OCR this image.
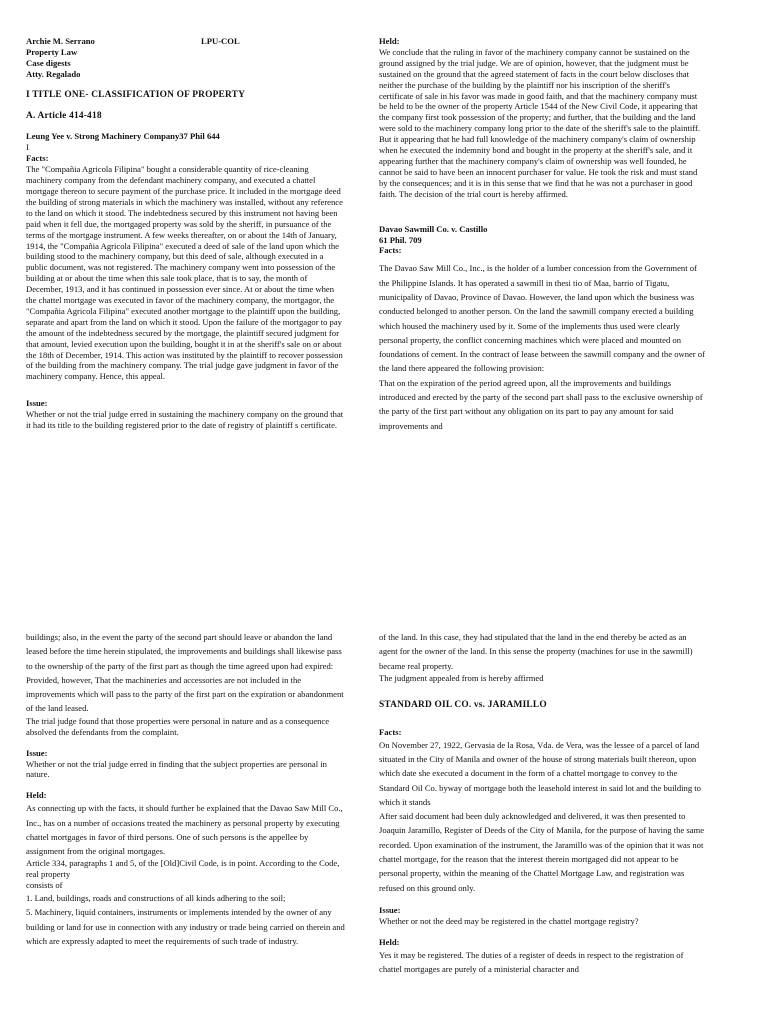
Archie M. Serrano	LPU-COL

Property Law

Case digests

Atty. Regalado

I TITLE ONE- CLASSIFICATION OF PROPERTY

A. Article 414-418

Leung Yee v. Strong Machinery Company37 Phil 644

I

Facts:

The "Compañia Agricola Filipina" bought a considerable quantity of rice-cleaning machinery company from the defendant machinery company, and executed a chattel mortgage thereon to secure payment of the purchase price. It included in the mortgage deed the building of strong materials in which the machinery was installed, without any reference to the land on which it stood. The indebtedness secured by this instrument not having been paid when it fell due, the mortgaged property was sold by the sheriff, in pursuance of the terms of the mortgage instrument. A few weeks thereafter, on or about the 14th of January, 1914, the "Compañia Agricola Filipina" executed a deed of sale of the land upon which the building stood to the machinery company, but this deed of sale, although executed in a public document, was not registered. The machinery company went into possession of the building at or about the time when this sale took place, that is to say, the month of December, 1913, and it has continued in possession ever since. At or about the time when the chattel mortgage was executed in favor of the machinery company, the mortgagor, the "Compañia Agricola Filipina" executed another mortgage to the plaintiff upon the building, separate and apart from the land on which it stood. Upon the failure of the mortgagor to pay the amount of the indebtedness secured by the mortgage, the plaintiff secured judgment for that amount, levied execution upon the building, bought it in at the sheriff's sale on or about the 18th of December, 1914. This action was instituted by the plaintiff to recover possession of the building from the machinery company. The trial judge gave judgment in favor of the machinery company. Hence, this appeal.

Issue:

Whether or not the trial judge erred in sustaining the machinery company on the ground that it had its title to the building registered prior to the date of registry of plaintiff s certificate.

Held:

We conclude that the ruling in favor of the machinery company cannot be sustained on the ground assigned by the trial judge. We are of opinion, however, that the judgment must be sustained on the ground that the agreed statement of facts in the court below discloses that neither the purchase of the building by the plaintiff nor his inscription of the sheriff's certificate of sale in his favor was made in good faith, and that the machinery company must be held to be the owner of the property Article 1544 of the New Civil Code, it appearing that the company first took possession of the property; and further, that the building and the land were sold to the machinery company long prior to the date of the sheriff's sale to the plaintiff. But it appearing that he had full knowledge of the machinery company's claim of ownership when he executed the indemnity bond and bought in the property at the sheriff's sale, and it appearing further that the machinery company's claim of ownership was well founded, he cannot be said to have been an innocent purchaser for value. He took the risk and must stand by the consequences; and it is in this sense that we find that he was not a purchaser in good faith. The decision of the trial court is hereby affirmed.

Davao Sawmill Co. v. Castillo

61 Phil. 709

Facts:

The Davao Saw Mill Co., Inc., is the holder of a lumber concession from the Government of the Philippine Islands. It has operated a sawmill in thesi tio of Maa, barrio of Tigatu, municipality of Davao, Province of Davao. However, the land upon which the business was conducted belonged to another person. On the land the sawmill company erected a building which housed the machinery used by it. Some of the implements thus used were clearly personal property, the conflict concerning machines which were placed and mounted on foundations of cement. In the contract of lease between the sawmill company and the owner of the land there appeared the following provision:

That on the expiration of the period agreed upon, all the improvements and buildings introduced and erected by the party of the second part shall pass to the exclusive ownership of the party of the first part without any obligation on its part to pay any amount for said improvements and

buildings; also, in the event the party of the second part should leave or abandon the land leased before the time herein stipulated, the improvements and buildings shall likewise pass to the ownership of the party of the first part as though the time agreed upon had expired: Provided, however, That the machineries and accessories are not included in the improvements which will pass to the party of the first part on the expiration or abandonment of the land leased.

The trial judge found that those properties were personal in nature and as a consequence absolved the defendants from the complaint.

Issue:

Whether or not the trial judge erred in finding that the subject properties are personal in nature.

Held:

As connecting up with the facts, it should further be explained that the Davao Saw Mill Co., Inc., has on a number of occasions treated the machinery as personal property by executing chattel mortgages in favor of third persons. One of such persons is the appellee by assignment from the original mortgages.

Article 334, paragraphs 1 and 5, of the [Old]Civil Code, is in point. According to the Code, real property

consists of

1. Land, buildings, roads and constructions of all kinds adhering to the soil;

5. Machinery, liquid containers, instruments or implements intended by the owner of any building or land for use in connection with any industry or trade being carried on therein and which are expressly adapted to meet the requirements of such trade of industry.

of the land. In this case, they had stipulated that the land in the end thereby be acted as an agent for the owner of the land. In this sense the property (machines for use in the sawmill) became real property.

The judgment appealed from is hereby affirmed

STANDARD OIL CO. vs. JARAMILLO

Facts:

On November 27, 1922, Gervasia de la Rosa, Vda. de Vera, was the lessee of a parcel of land situated in the City of Manila and owner of the house of strong materials built thereon, upon which date she executed a document in the form of a chattel mortgage to convey to the Standard Oil Co. byway of mortgage both the leasehold interest in said lot and the building to which it stands

After said document had been duly acknowledged and delivered, it was then presented to Joaquin Jaramillo, Register of Deeds of the City of Manila, for the purpose of having the same recorded. Upon examination of the instrument, the Jaramillo was of the opinion that it was not chattel mortgage, for the reason that the interest therein mortgaged did not appear to be personal property, within the meaning of the Chattel Mortgage Law, and registration was refused on this ground only.

Issue:

Whether or not the deed may be registered in the chattel mortgage registry?

Held:

Yes it may be registered. The duties of a register of deeds in respect to the registration of chattel mortgages are purely of a ministerial character and
